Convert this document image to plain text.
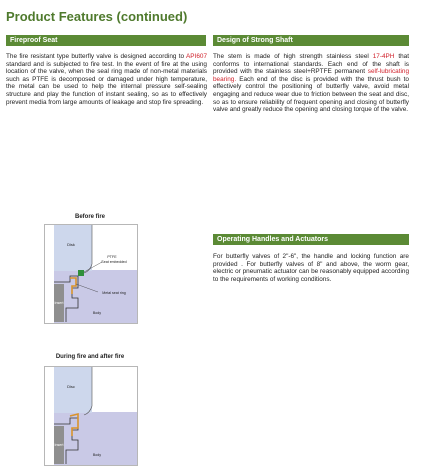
Product Features (continued)
Fireproof Seat
The fire resistant type butterfly valve is designed according to API607 standard and is subjected to fire test. In the event of fire at the using location of the valve, when the seal ring made of non-metal materials such as PTFE is decomposed or damaged under high temperature, the metal can be used to help the internal pressure self-sealing structure and play the function of instant sealing, so as to effectively prevent media from large amounts of leakage and stop fire spreading.
Design of Strong Shaft
The stem is made of high strength stainless steel 17-4PH that conforms to international standards. Each end of the shaft is provided with the stainless steel+RPTFE permanent self-lubricating bearing. Each end of the disc is provided with the thrust bush to effectively control the positioning of butterfly valve, avoid metal engaging and reduce wear due to friction between the seat and disc, so as to ensure reliability of frequent opening and closing of butterfly valve and greatly reduce the opening and closing torque of the valve.
Operating Handles and Actuators
For butterfly valves of 2"-6", the handle and locking function are provided . For butterfly valves of 8" and above, the worm gear, electric or pneumatic actuator can be reasonably equipped according to the requirements of working conditions.
Before fire
Disk
PTFE
Seat embedded
Metal seat ring
Insert
Body
During fire and after fire
Disc
Insert
Body
